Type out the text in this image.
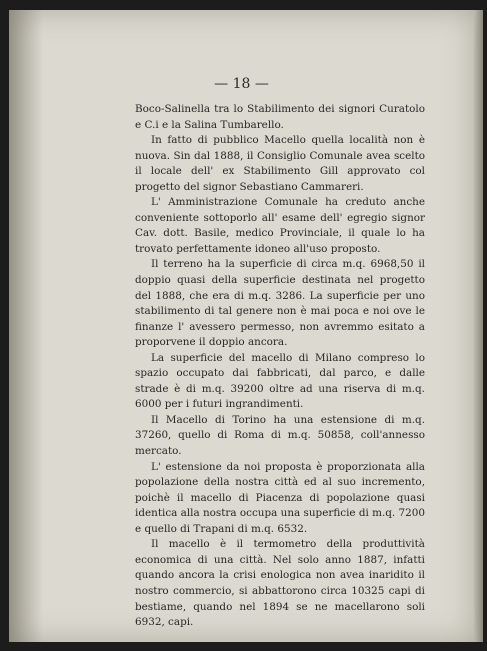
— 18 —

Boco-Salinella tra lo Stabilimento dei signori Curatolo e C.i e la Salina Tumbarello.

In fatto di pubblico Macello quella località non è nuova. Sin dal 1888, il Consiglio Comunale avea scelto il locale dell' ex Stabilimento Gill approvato col progetto del signor Sebastiano Cammareri.

L' Amministrazione Comunale ha creduto anche conveniente sottoporlo all' esame dell' egregio signor Cav. dott. Basile, medico Provinciale, il quale lo ha trovato perfettamente idoneo all'uso proposto.

Il terreno ha la superficie di circa m.q. 6968,50 il doppio quasi della superficie destinata nel progetto del 1888, che era di m.q. 3286. La superficie per uno stabilimento di tal genere non è mai poca e noi ove le finanze l' avessero permesso, non avremmo esitato a proporvene il doppio ancora.

La superficie del macello di Milano compreso lo spazio occupato dai fabbricati, dal parco, e dalle strade è di m.q. 39200 oltre ad una riserva di m.q. 6000 per i futuri ingrandimenti.

Il Macello di Torino ha una estensione di m.q. 37260, quello di Roma di m.q. 50858, coll'annesso mercato.

L' estensione da noi proposta è proporzionata alla popolazione della nostra città ed al suo incremento, poichè il macello di Piacenza di popolazione quasi identica alla nostra occupa una superficie di m.q. 7200 e quello di Trapani di m.q. 6532.

Il macello è il termometro della produttività economica di una città. Nel solo anno 1887, infatti quando ancora la crisi enologica non avea inaridito il nostro commercio, si abbattorono circa 10325 capi di bestiame, quando nel 1894 se ne macellarono soli 6932, capi.
